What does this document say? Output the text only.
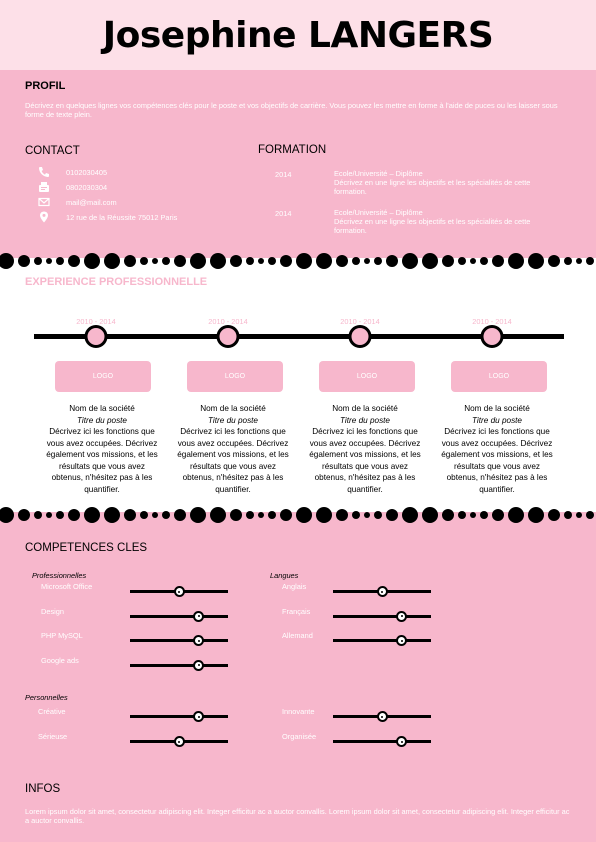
Josephine LANGERS
PROFIL

Décrivez en quelques lignes vos compétences clés pour le poste et vos objectifs de carrière. Vous pouvez les mettre en forme à l'aide de puces ou les laisser sous forme de texte plein.

CONTACT
0102030405
0802030304
mail@mail.com
12 rue de la Réussite 75012 Paris
FORMATION
2014	Ecole/Université – Diplôme
Décrivez en une ligne les objectifs et les spécialités de cette formation.
2014	Ecole/Université – Diplôme
Décrivez en une ligne les objectifs et les spécialités de cette formation.
EXPERIENCE PROFESSIONNELLE
2010 - 2014	2010 - 2014	2010 - 2014	2010 - 2014
LOGO	LOGO	LOGO	LOGO
Nom de la société
Titre du poste
Décrivez ici les fonctions que
vous avez occupées. Décrivez
également vos missions, et les
résultats que vous avez
obtenus, n'hésitez pas à les
quantifier.
Nom de la société
Titre du poste
Décrivez ici les fonctions que
vous avez occupées. Décrivez
également vos missions, et les
résultats que vous avez
obtenus, n'hésitez pas à les
quantifier.
Nom de la société
Titre du poste
Décrivez ici les fonctions que
vous avez occupées. Décrivez
également vos missions, et les
résultats que vous avez
obtenus, n'hésitez pas à les
quantifier.
Nom de la société
Titre du poste
Décrivez ici les fonctions que
vous avez occupées. Décrivez
également vos missions, et les
résultats que vous avez
obtenus, n'hésitez pas à les
quantifier.
COMPETENCES CLES
Professionnelles	Langues
Personnelles
Microsoft Office
Design
PHP MySQL
Google ads
Anglais
Français
Allemand
Créative
Sérieuse
Innovante
Organisée
INFOS

Lorem ipsum dolor sit amet, consectetur adipiscing elit. Integer efficitur ac a auctor convallis. Lorem ipsum dolor sit amet, consectetur adipiscing elit. Integer efficitur ac a auctor convallis.
